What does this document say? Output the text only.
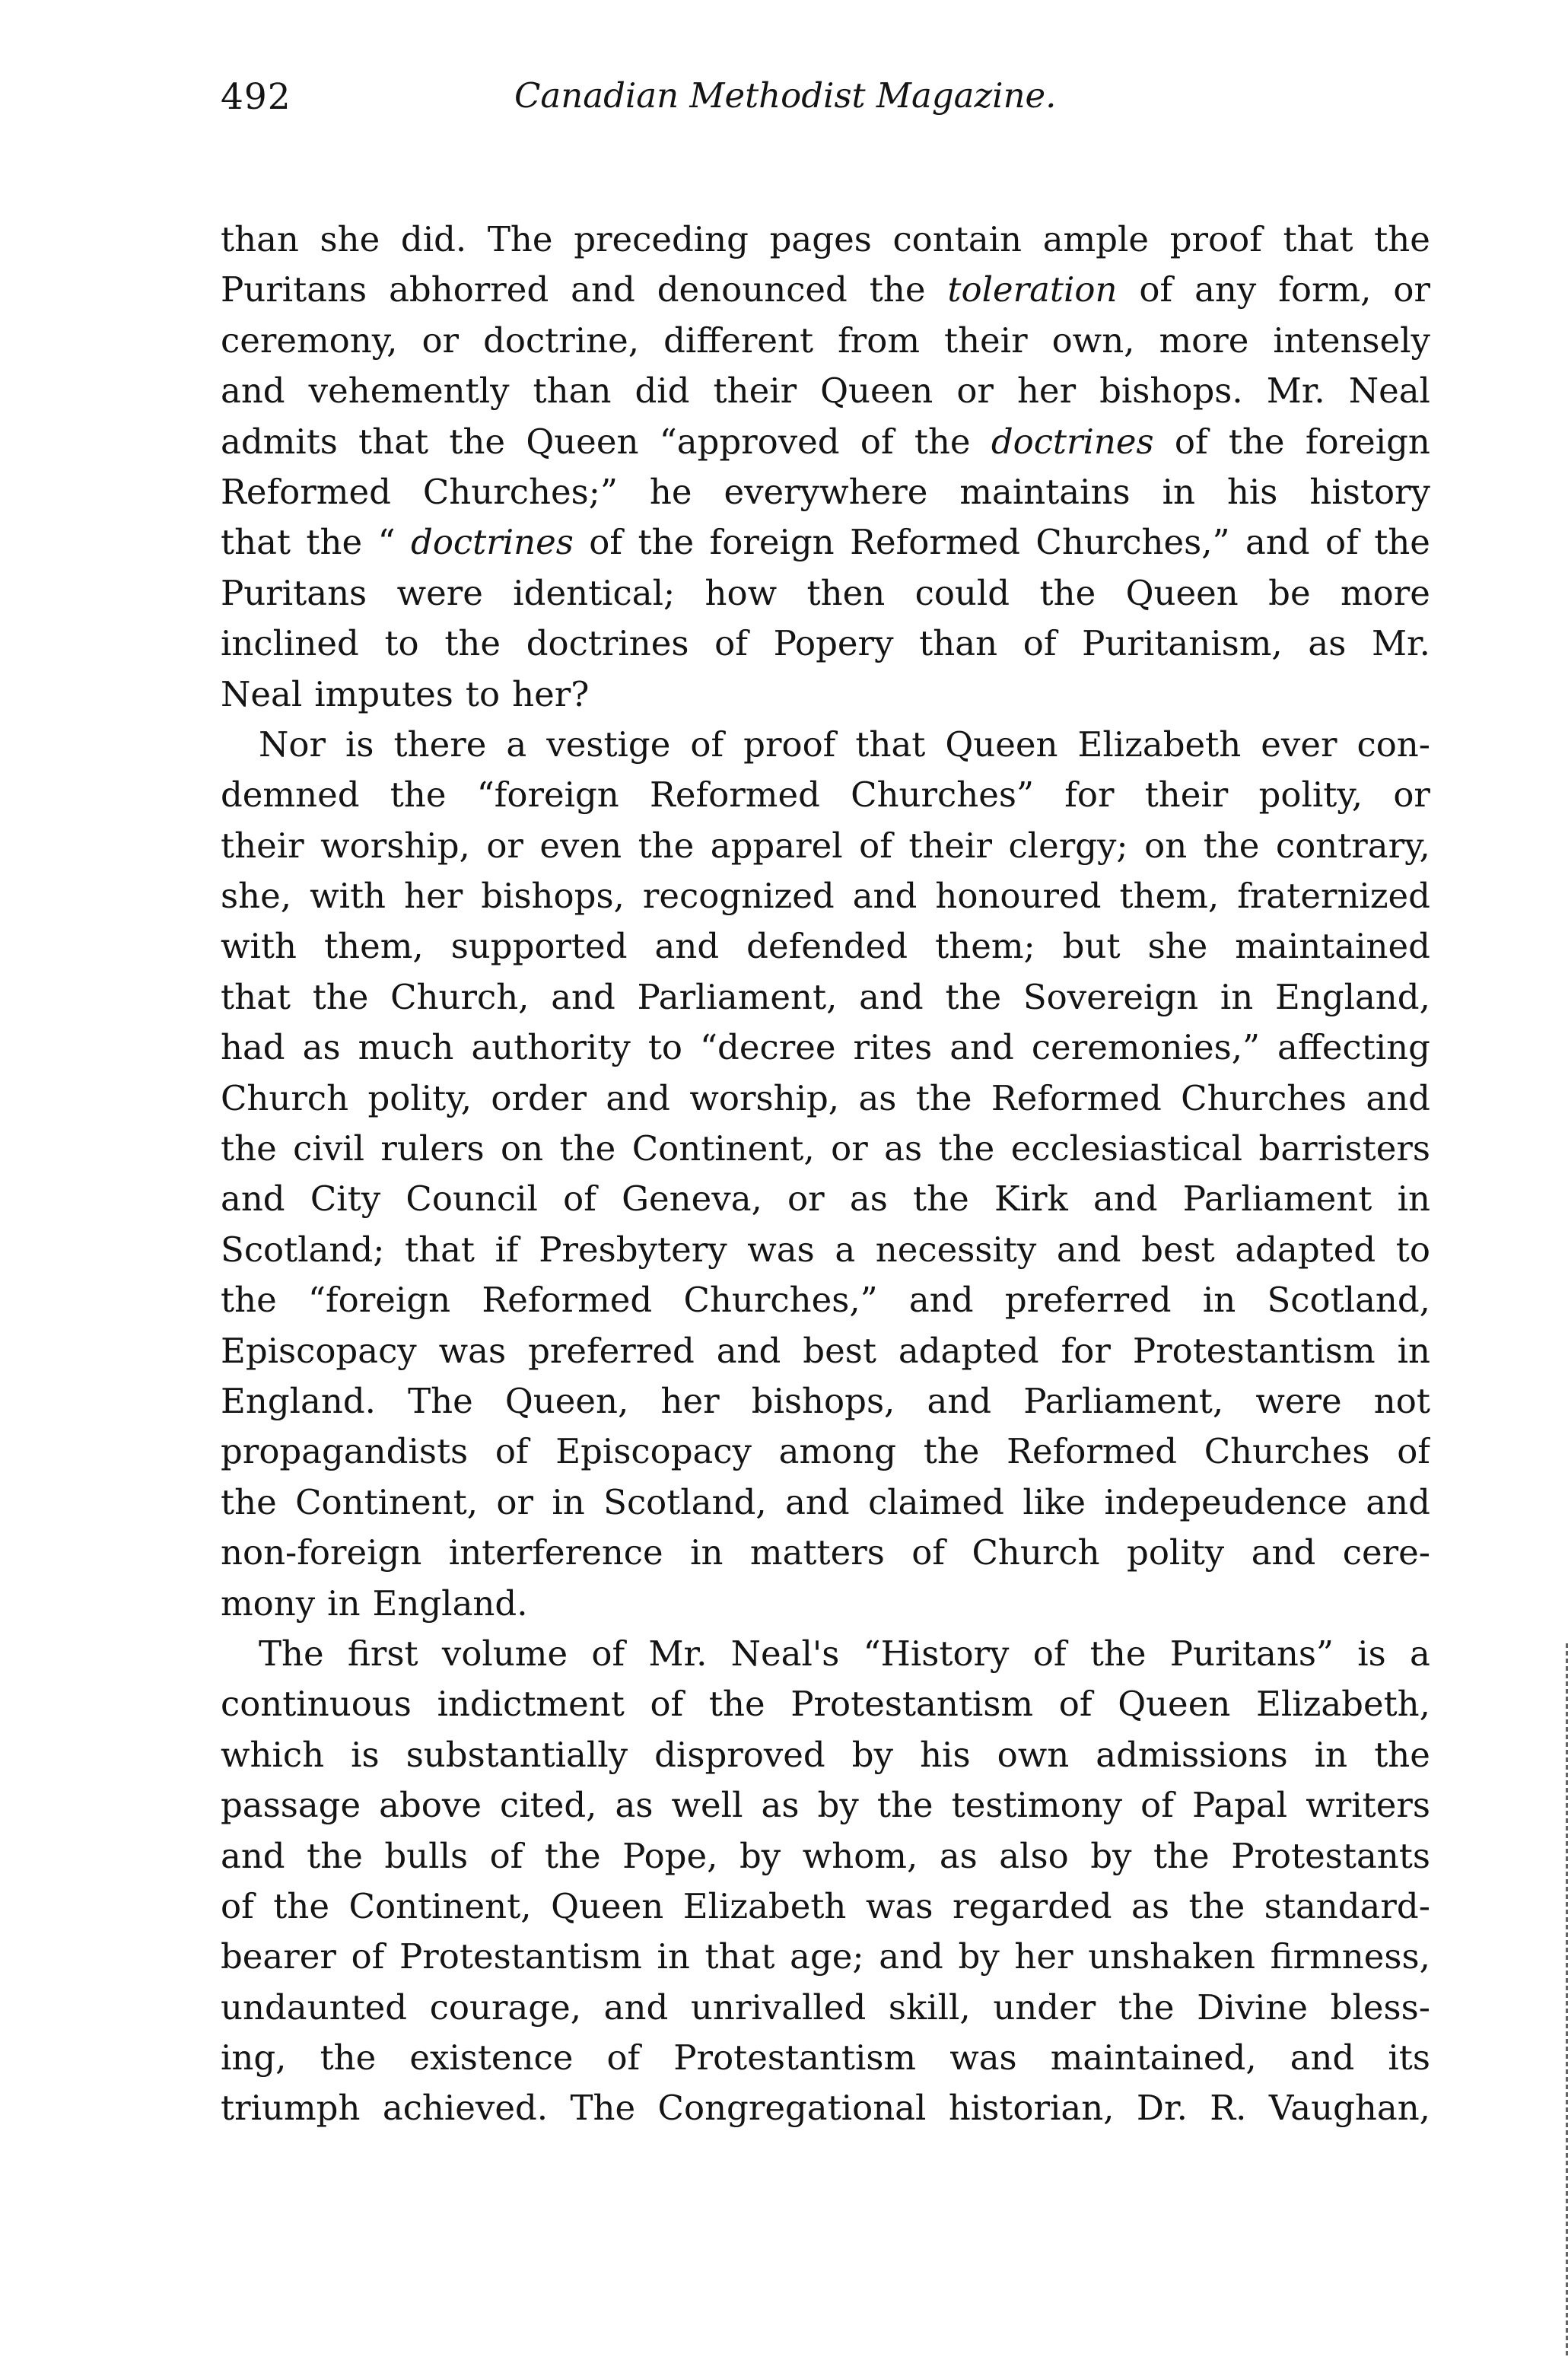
492	Canadian Methodist Magazine.
than she did. The preceding pages contain ample proof that the
Puritans abhorred and denounced the toleration of any form, or
ceremony, or doctrine, different from their own, more intensely
and vehemently than did their Queen or her bishops. Mr. Neal
admits that the Queen “approved of the doctrines of the foreign
Reformed Churches;” he everywhere maintains in his history
that the “ doctrines of the foreign Reformed Churches,” and of the
Puritans were identical; how then could the Queen be more
inclined to the doctrines of Popery than of Puritanism, as Mr.
Neal imputes to her?
Nor is there a vestige of proof that Queen Elizabeth ever con-
demned the “foreign Reformed Churches” for their polity, or
their worship, or even the apparel of their clergy; on the contrary,
she, with her bishops, recognized and honoured them, fraternized
with them, supported and defended them; but she maintained
that the Church, and Parliament, and the Sovereign in England,
had as much authority to “decree rites and ceremonies,” affecting
Church polity, order and worship, as the Reformed Churches and
the civil rulers on the Continent, or as the ecclesiastical barristers
and City Council of Geneva, or as the Kirk and Parliament in
Scotland; that if Presbytery was a necessity and best adapted to
the “foreign Reformed Churches,” and preferred in Scotland,
Episcopacy was preferred and best adapted for Protestantism in
England. The Queen, her bishops, and Parliament, were not
propagandists of Episcopacy among the Reformed Churches of
the Continent, or in Scotland, and claimed like indepeudence and
non-foreign interference in matters of Church polity and cere-
mony in England.
The first volume of Mr. Neal's “History of the Puritans” is a
continuous indictment of the Protestantism of Queen Elizabeth,
which is substantially disproved by his own admissions in the
passage above cited, as well as by the testimony of Papal writers
and the bulls of the Pope, by whom, as also by the Protestants
of the Continent, Queen Elizabeth was regarded as the standard-
bearer of Protestantism in that age; and by her unshaken firmness,
undaunted courage, and unrivalled skill, under the Divine bless-
ing, the existence of Protestantism was maintained, and its
triumph achieved. The Congregational historian, Dr. R. Vaughan,
